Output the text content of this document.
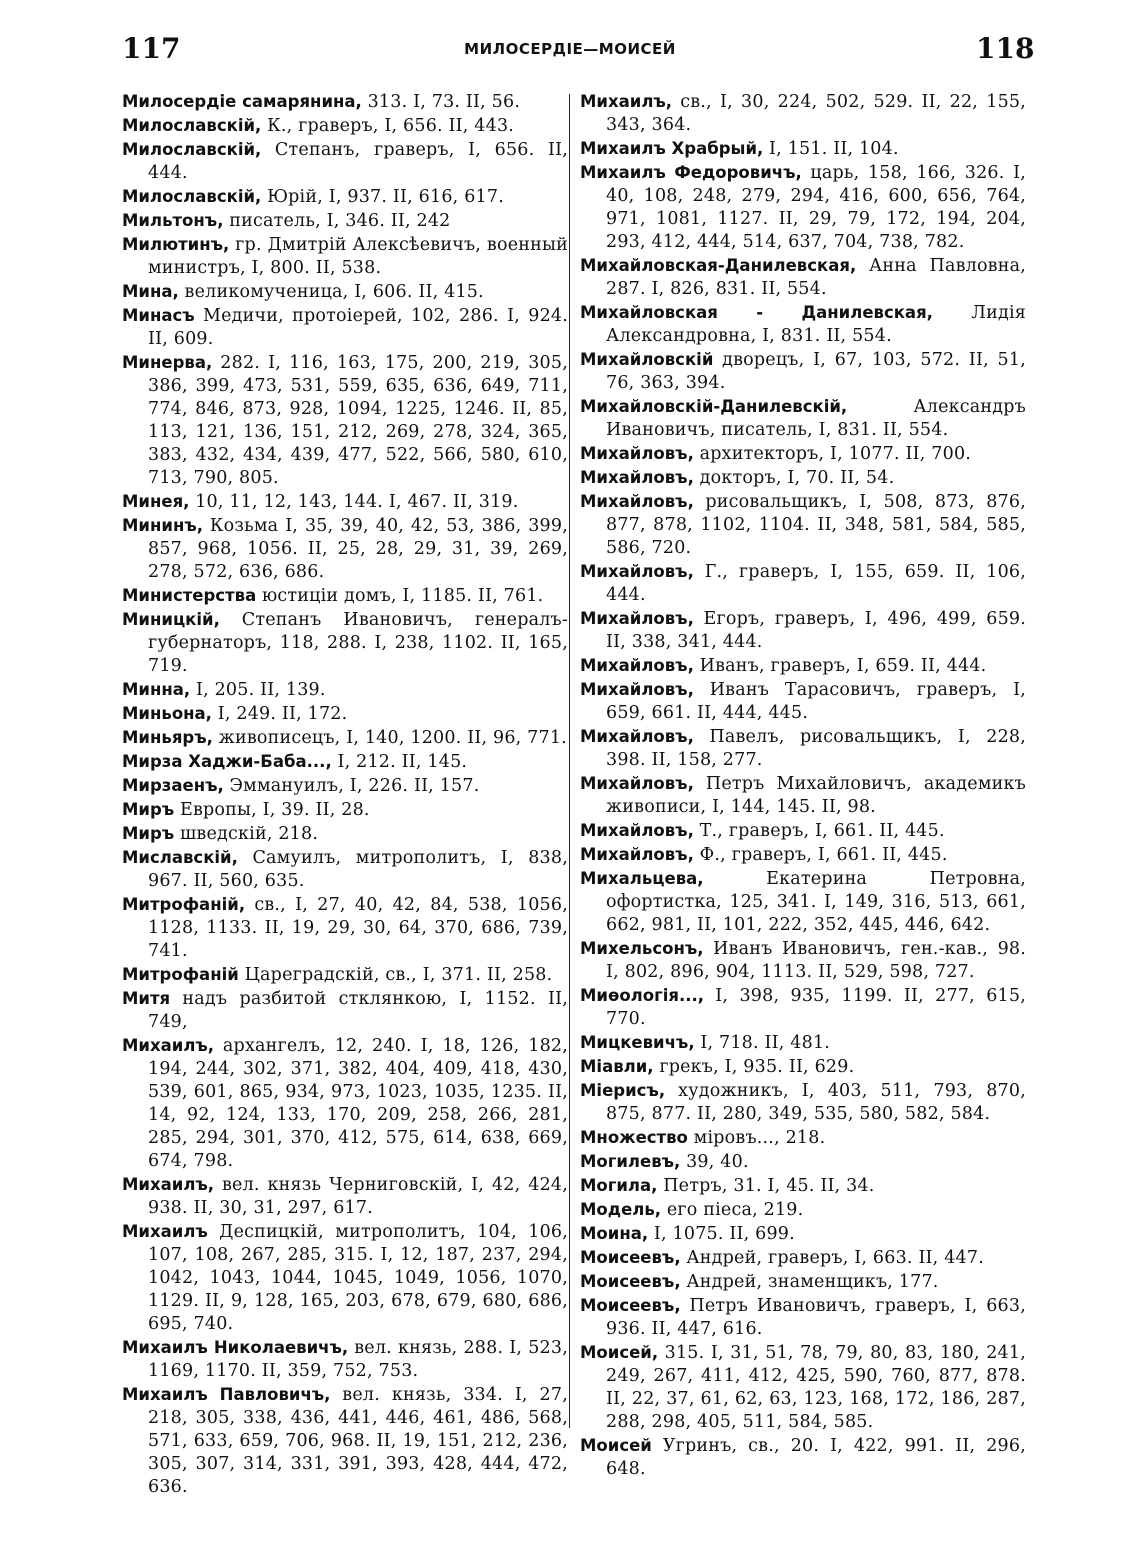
117	МИЛОСЕРДІЕ—МОИСЕЙ	118

Милосердіе самарянина, 313. I, 73. II, 56.

Милославскій, К., граверъ, I, 656. II, 443.

Милославскій, Степанъ, граверъ, I, 656. II, 444.

Милославскій, Юрій, I, 937. II, 616, 617.

Мильтонъ, писатель, I, 346. II, 242

Милютинъ, гр. Дмитрій Алексѣевичъ, военный министръ, I, 800. II, 538.

Мина, великомученица, I, 606. II, 415.

Минасъ Медичи, протоіерей, 102, 286. I, 924. II, 609.

Минерва, 282. I, 116, 163, 175, 200, 219, 305, 386, 399, 473, 531, 559, 635, 636, 649, 711, 774, 846, 873, 928, 1094, 1225, 1246. II, 85, 113, 121, 136, 151, 212, 269, 278, 324, 365, 383, 432, 434, 439, 477, 522, 566, 580, 610, 713, 790, 805.

Минея, 10, 11, 12, 143, 144. I, 467. II, 319.

Мининъ, Козьма I, 35, 39, 40, 42, 53, 386, 399, 857, 968, 1056. II, 25, 28, 29, 31, 39, 269, 278, 572, 636, 686.

Министерства юстиціи домъ, I, 1185. II, 761.

Миницкій, Степанъ Ивановичъ, генералъ-губернаторъ, 118, 288. I, 238, 1102. II, 165, 719.

Минна, I, 205. II, 139.

Миньона, I, 249. II, 172.

Миньяръ, живописецъ, I, 140, 1200. II, 96, 771.

Мирза Хаджи-Баба..., I, 212. II, 145.

Мирзаенъ, Эммануилъ, I, 226. II, 157.

Миръ Европы, I, 39. II, 28.

Миръ шведскій, 218.

Миславскій, Самуилъ, митрополитъ, I, 838, 967. II, 560, 635.

Митрофаній, св., I, 27, 40, 42, 84, 538, 1056, 1128, 1133. II, 19, 29, 30, 64, 370, 686, 739, 741.

Митрофаній Цареградскій, св., I, 371. II, 258.

Митя надъ разбитой стклянкою, I, 1152. II, 749,

Михаилъ, архангелъ, 12, 240. I, 18, 126, 182, 194, 244, 302, 371, 382, 404, 409, 418, 430, 539, 601, 865, 934, 973, 1023, 1035, 1235. II, 14, 92, 124, 133, 170, 209, 258, 266, 281, 285, 294, 301, 370, 412, 575, 614, 638, 669, 674, 798.

Михаилъ, вел. князь Черниговскій, I, 42, 424, 938. II, 30, 31, 297, 617.

Михаилъ Деспицкій, митрополитъ, 104, 106, 107, 108, 267, 285, 315. I, 12, 187, 237, 294, 1042, 1043, 1044, 1045, 1049, 1056, 1070, 1129. II, 9, 128, 165, 203, 678, 679, 680, 686, 695, 740.

Михаилъ Николаевичъ, вел. князь, 288. I, 523, 1169, 1170. II, 359, 752, 753.

Михаилъ Павловичъ, вел. князь, 334. I, 27, 218, 305, 338, 436, 441, 446, 461, 486, 568, 571, 633, 659, 706, 968. II, 19, 151, 212, 236, 305, 307, 314, 331, 391, 393, 428, 444, 472, 636.

Михаилъ, св., I, 30, 224, 502, 529. II, 22, 155, 343, 364.

Михаилъ Храбрый, I, 151. II, 104.

Михаилъ Федоровичъ, царь, 158, 166, 326. I, 40, 108, 248, 279, 294, 416, 600, 656, 764, 971, 1081, 1127. II, 29, 79, 172, 194, 204, 293, 412, 444, 514, 637, 704, 738, 782.

Михайловская-Данилевская, Анна Павловна, 287. I, 826, 831. II, 554.

Михайловская - Данилевская, Лидія Александровна, I, 831. II, 554.

Михайловскій дворецъ, I, 67, 103, 572. II, 51, 76, 363, 394.

Михайловскій-Данилевскій, Александръ Ивановичъ, писатель, I, 831. II, 554.

Михайловъ, архитекторъ, I, 1077. II, 700.

Михайловъ, докторъ, I, 70. II, 54.

Михайловъ, рисовальщикъ, I, 508, 873, 876, 877, 878, 1102, 1104. II, 348, 581, 584, 585, 586, 720.

Михайловъ, Г., граверъ, I, 155, 659. II, 106, 444.

Михайловъ, Егоръ, граверъ, I, 496, 499, 659. II, 338, 341, 444.

Михайловъ, Иванъ, граверъ, I, 659. II, 444.

Михайловъ, Иванъ Тарасовичъ, граверъ, I, 659, 661. II, 444, 445.

Михайловъ, Павелъ, рисовальщикъ, I, 228, 398. II, 158, 277.

Михайловъ, Петръ Михайловичъ, академикъ живописи, I, 144, 145. II, 98.

Михайловъ, Т., граверъ, I, 661. II, 445.

Михайловъ, Ф., граверъ, I, 661. II, 445.

Михальцева, Екатерина Петровна, офортистка, 125, 341. I, 149, 316, 513, 661, 662, 981, II, 101, 222, 352, 445, 446, 642.

Михельсонъ, Иванъ Ивановичъ, ген.-кав., 98. I, 802, 896, 904, 1113. II, 529, 598, 727.

Миѳологія..., I, 398, 935, 1199. II, 277, 615, 770.

Мицкевичъ, I, 718. II, 481.

Міавли, грекъ, I, 935. II, 629.

Міерисъ, художникъ, I, 403, 511, 793, 870, 875, 877. II, 280, 349, 535, 580, 582, 584.

Множество міровъ..., 218.

Могилевъ, 39, 40.

Могила, Петръ, 31. I, 45. II, 34.

Модель, его піеса, 219.

Моина, I, 1075. II, 699.

Моисеевъ, Андрей, граверъ, I, 663. II, 447.

Моисеевъ, Андрей, знаменщикъ, 177.

Моисеевъ, Петръ Ивановичъ, граверъ, I, 663, 936. II, 447, 616.

Моисей, 315. I, 31, 51, 78, 79, 80, 83, 180, 241, 249, 267, 411, 412, 425, 590, 760, 877, 878. II, 22, 37, 61, 62, 63, 123, 168, 172, 186, 287, 288, 298, 405, 511, 584, 585.

Моисей Угринъ, св., 20. I, 422, 991. II, 296, 648.
